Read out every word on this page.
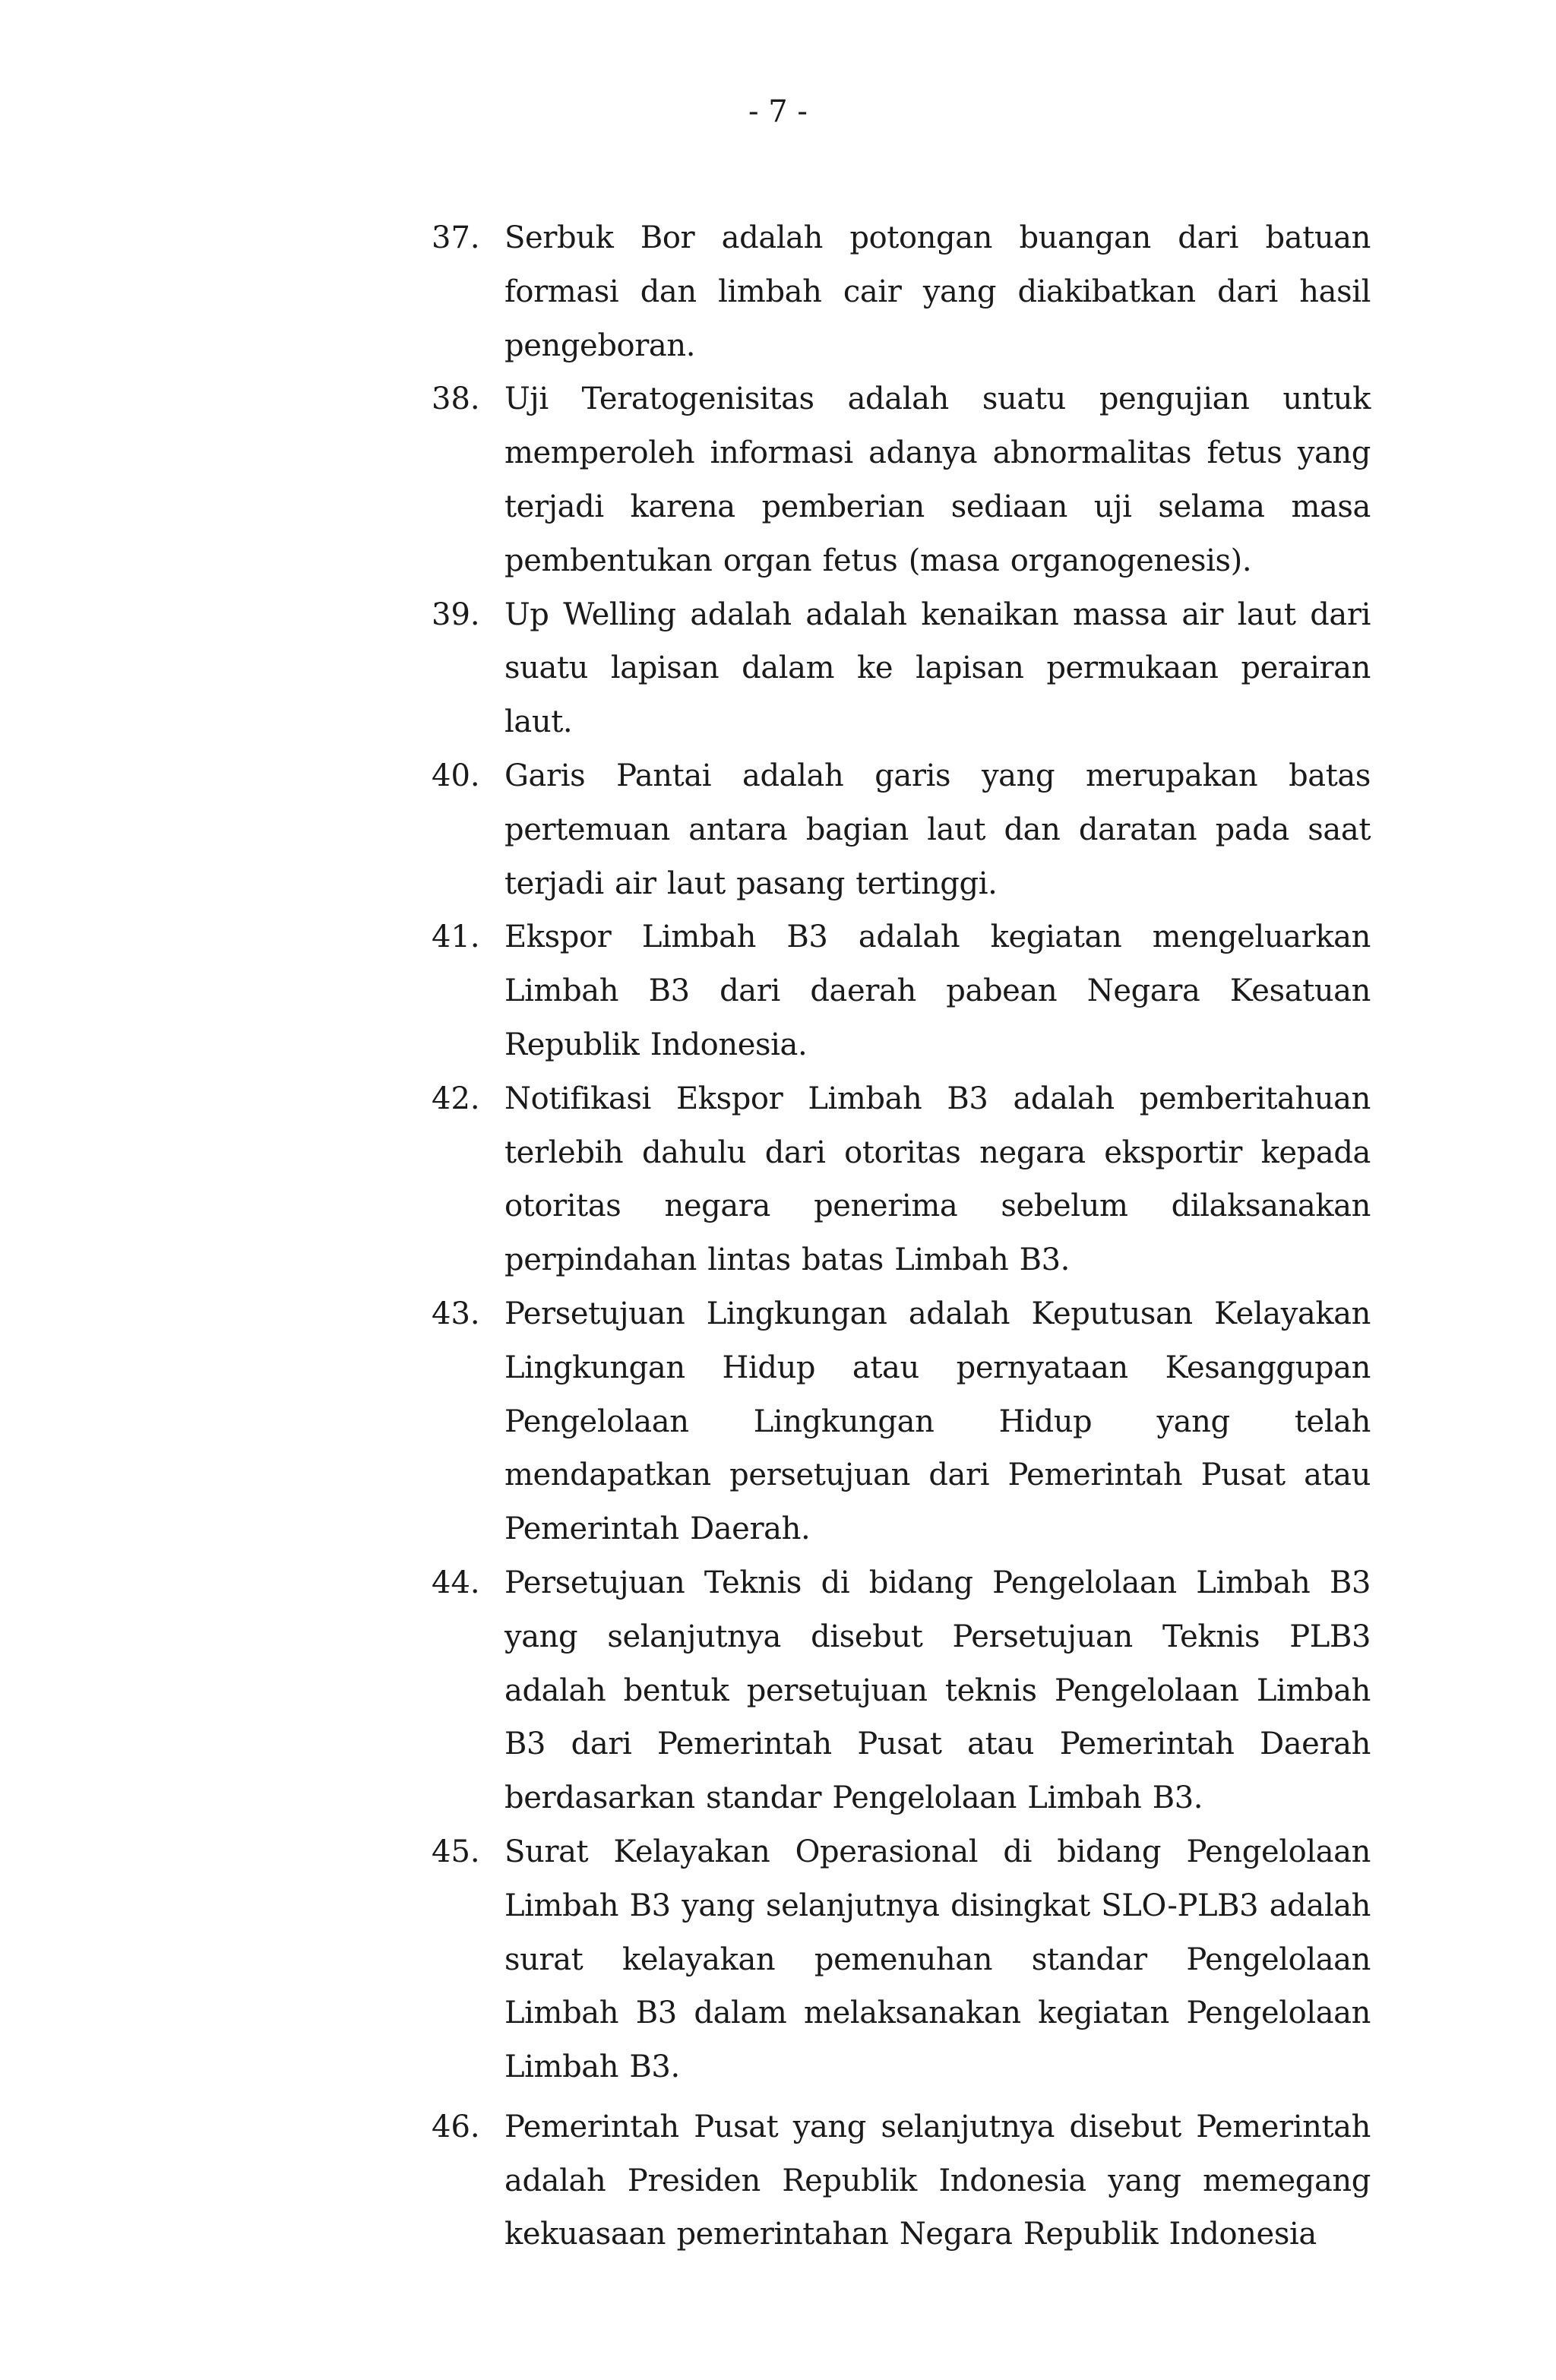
- 7 -
37. Serbuk Bor adalah potongan buangan dari batuan formasi dan limbah cair yang diakibatkan dari hasil pengeboran.
38. Uji Teratogenisitas adalah suatu pengujian untuk memperoleh informasi adanya abnormalitas fetus yang terjadi karena pemberian sediaan uji selama masa pembentukan organ fetus (masa organogenesis).
39. Up Welling adalah adalah kenaikan massa air laut dari suatu lapisan dalam ke lapisan permukaan perairan laut.
40. Garis Pantai adalah garis yang merupakan batas pertemuan antara bagian laut dan daratan pada saat terjadi air laut pasang tertinggi.
41. Ekspor Limbah B3 adalah kegiatan mengeluarkan Limbah B3 dari daerah pabean Negara Kesatuan Republik Indonesia.
42. Notifikasi Ekspor Limbah B3 adalah pemberitahuan terlebih dahulu dari otoritas negara eksportir kepada otoritas negara penerima sebelum dilaksanakan perpindahan lintas batas Limbah B3.
43. Persetujuan Lingkungan adalah Keputusan Kelayakan Lingkungan Hidup atau pernyataan Kesanggupan Pengelolaan Lingkungan Hidup yang telah mendapatkan persetujuan dari Pemerintah Pusat atau Pemerintah Daerah.
44. Persetujuan Teknis di bidang Pengelolaan Limbah B3 yang selanjutnya disebut Persetujuan Teknis PLB3 adalah bentuk persetujuan teknis Pengelolaan Limbah B3 dari Pemerintah Pusat atau Pemerintah Daerah berdasarkan standar Pengelolaan Limbah B3.
45. Surat Kelayakan Operasional di bidang Pengelolaan Limbah B3 yang selanjutnya disingkat SLO-PLB3 adalah surat kelayakan pemenuhan standar Pengelolaan Limbah B3 dalam melaksanakan kegiatan Pengelolaan Limbah B3.
46. Pemerintah Pusat yang selanjutnya disebut Pemerintah adalah Presiden Republik Indonesia yang memegang kekuasaan pemerintahan Negara Republik Indonesia
